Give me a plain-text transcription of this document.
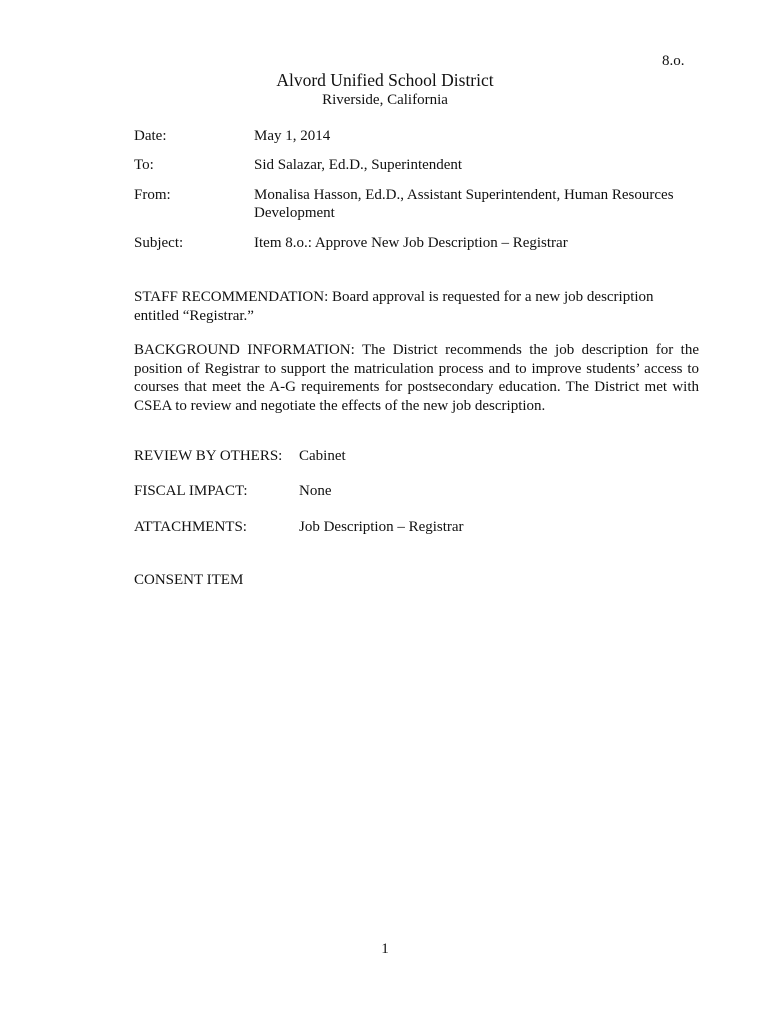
8.o.
Alvord Unified School District
Riverside, California
Date:	May 1, 2014
To:	Sid Salazar, Ed.D., Superintendent
From:	Monalisa Hasson, Ed.D., Assistant Superintendent, Human Resources Development
Subject:	Item 8.o.: Approve New Job Description – Registrar
STAFF RECOMMENDATION: Board approval is requested for a new job description entitled “Registrar.”
BACKGROUND INFORMATION: The District recommends the job description for the position of Registrar to support the matriculation process and to improve students’ access to courses that meet the A-G requirements for postsecondary education. The District met with CSEA to review and negotiate the effects of the new job description.
REVIEW BY OTHERS: Cabinet
FISCAL IMPACT:	None
ATTACHMENTS:	Job Description – Registrar
CONSENT ITEM
1
